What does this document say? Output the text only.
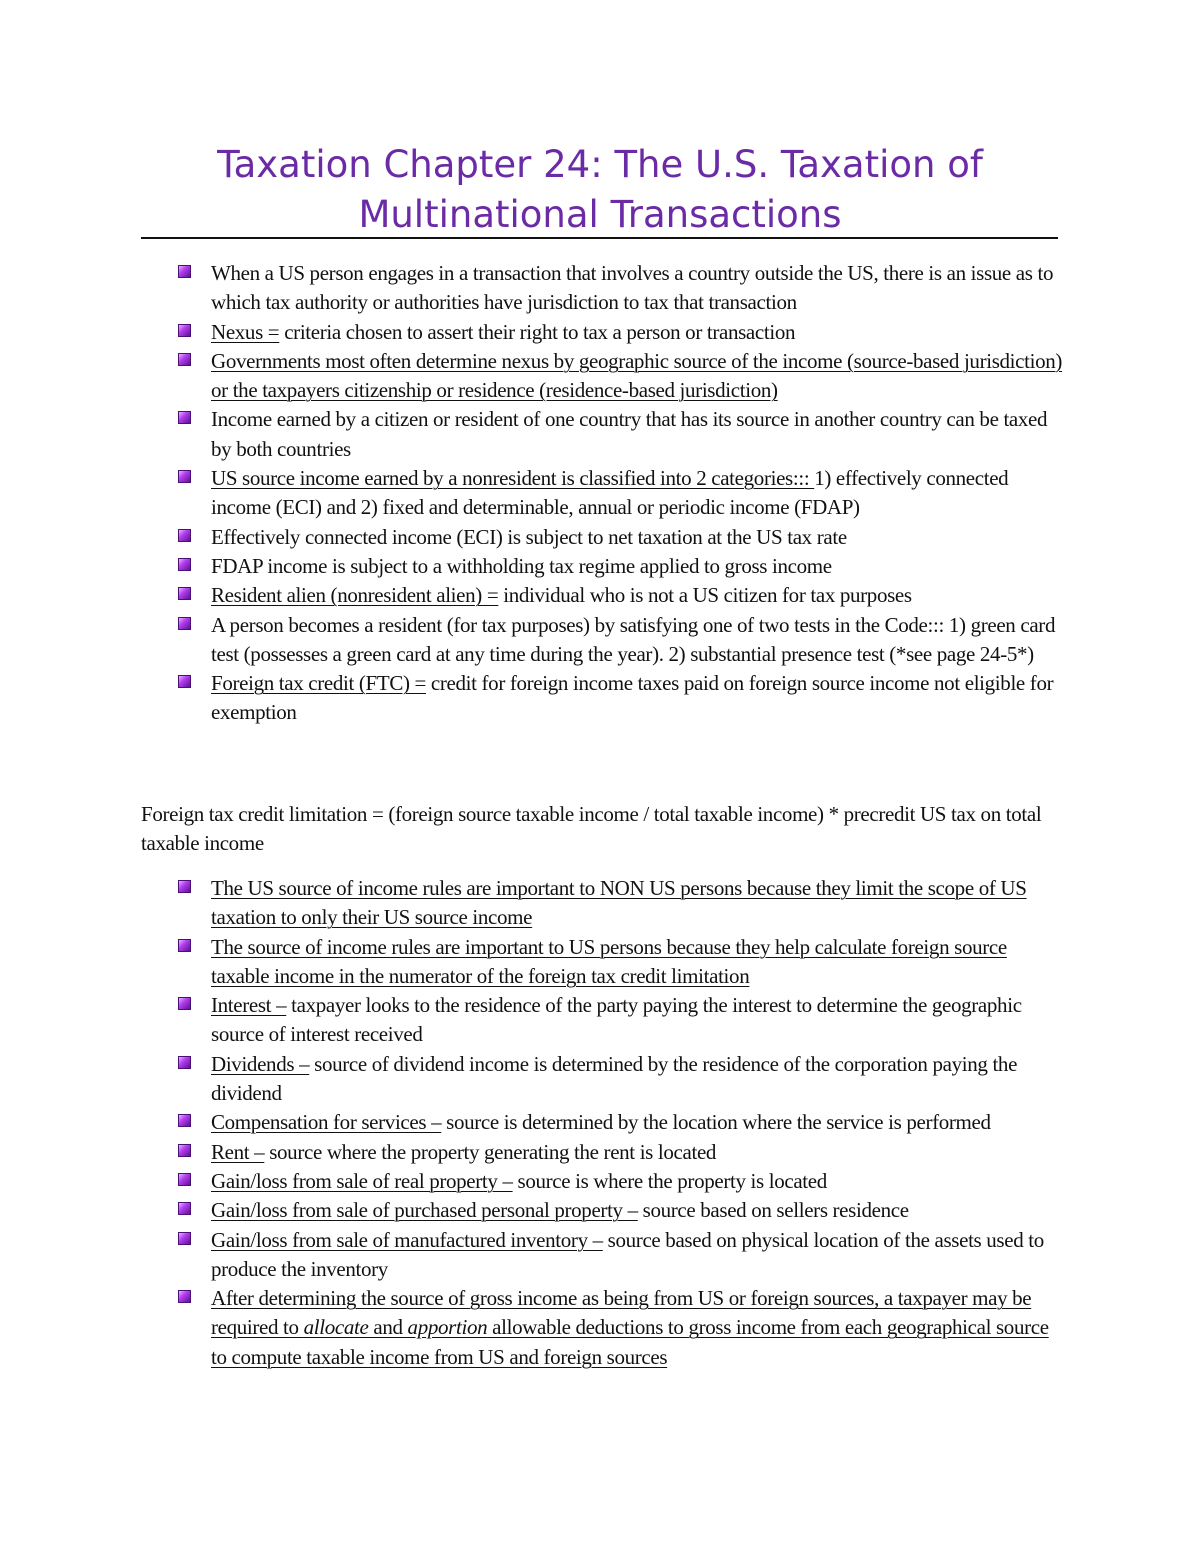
Taxation Chapter 24: The U.S. Taxation of
Multinational Transactions
When a US person engages in a transaction that involves a country outside the US, there is an issue as to which tax authority or authorities have jurisdiction to tax that transaction
Nexus = criteria chosen to assert their right to tax a person or transaction
Governments most often determine nexus by geographic source of the income (source-based jurisdiction) or the taxpayers citizenship or residence (residence-based jurisdiction)
Income earned by a citizen or resident of one country that has its source in another country can be taxed by both countries
US source income earned by a nonresident is classified into 2 categories::: 1) effectively connected income (ECI) and 2) fixed and determinable, annual or periodic income (FDAP)
Effectively connected income (ECI) is subject to net taxation at the US tax rate
FDAP income is subject to a withholding tax regime applied to gross income
Resident alien (nonresident alien) = individual who is not a US citizen for tax purposes
A person becomes a resident (for tax purposes) by satisfying one of two tests in the Code::: 1) green card test (possesses a green card at any time during the year). 2) substantial presence test (*see page 24-5*)
Foreign tax credit (FTC) = credit for foreign income taxes paid on foreign source income not eligible for exemption

Foreign tax credit limitation = (foreign source taxable income / total taxable income) * precredit US tax on total taxable income

The US source of income rules are important to NON US persons because they limit the scope of US taxation to only their US source income
The source of income rules are important to US persons because they help calculate foreign source taxable income in the numerator of the foreign tax credit limitation
Interest – taxpayer looks to the residence of the party paying the interest to determine the geographic source of interest received
Dividends – source of dividend income is determined by the residence of the corporation paying the dividend
Compensation for services – source is determined by the location where the service is performed
Rent – source where the property generating the rent is located
Gain/loss from sale of real property – source is where the property is located
Gain/loss from sale of purchased personal property – source based on sellers residence
Gain/loss from sale of manufactured inventory – source based on physical location of the assets used to produce the inventory
After determining the source of gross income as being from US or foreign sources, a taxpayer may be required to allocate and apportion allowable deductions to gross income from each geographical source to compute taxable income from US and foreign sources
